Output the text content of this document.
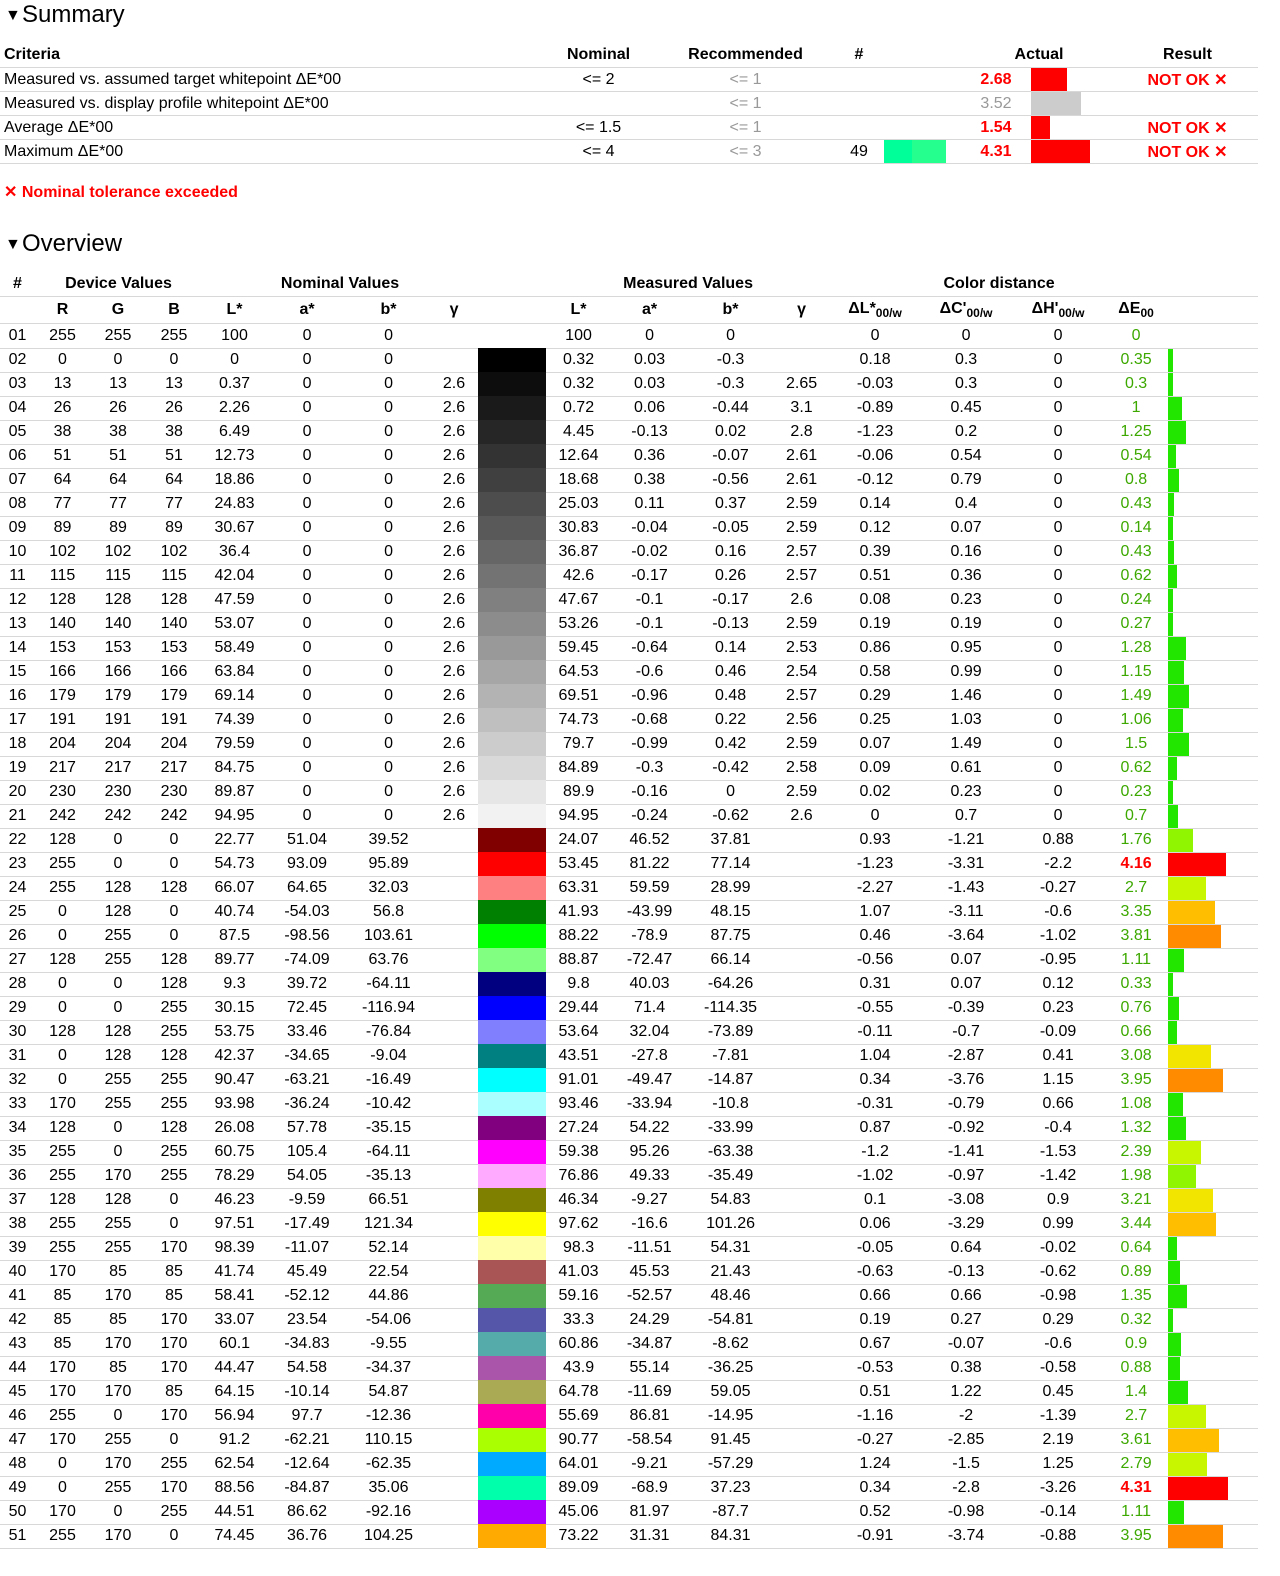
▼Summary
Criteria	Nominal	Recommended	#		Actual		Result
Measured vs. assumed target whitepoint ΔE*00	<= 2	<= 1			2.68		NOT OK ✕
Measured vs. display profile whitepoint ΔE*00		<= 1			3.52	

Average ΔE*00	<= 1.5	<= 1			1.54		NOT OK ✕
Maximum ΔE*00	<= 4	<= 3	49		4.31		NOT OK ✕
✕ Nominal tolerance exceeded
▼Overview
#	Device Values			Nominal Values					Measured Values				Color distance				
	R	G	B	L*	a*	b*	γ		L*	a*	b*	γ	$\Delta L*_{00/w}$	$\Delta C'_{00/w}$	$\Delta H'_{00/w}$	$\Delta E_{00}$	
01	255	255	255	100	0	0			100	0	0		0	0	0	0	
02	0	0	0	0	0	0			0.32	0.03	-0.3		0.18	0.3	0	0.35	

03	13	13	13	0.37	0	0	2.6		0.32	0.03	-0.3	2.65	-0.03	0.3	0	0.3	

04	26	26	26	2.26	0	0	2.6		0.72	0.06	-0.44	3.1	-0.89	0.45	0	1	

05	38	38	38	6.49	0	0	2.6		4.45	-0.13	0.02	2.8	-1.23	0.2	0	1.25	

06	51	51	51	12.73	0	0	2.6		12.64	0.36	-0.07	2.61	-0.06	0.54	0	0.54	

07	64	64	64	18.86	0	0	2.6		18.68	0.38	-0.56	2.61	-0.12	0.79	0	0.8	

08	77	77	77	24.83	0	0	2.6		25.03	0.11	0.37	2.59	0.14	0.4	0	0.43	

09	89	89	89	30.67	0	0	2.6		30.83	-0.04	-0.05	2.59	0.12	0.07	0	0.14	

10	102	102	102	36.4	0	0	2.6		36.87	-0.02	0.16	2.57	0.39	0.16	0	0.43	

11	115	115	115	42.04	0	0	2.6		42.6	-0.17	0.26	2.57	0.51	0.36	0	0.62	

12	128	128	128	47.59	0	0	2.6		47.67	-0.1	-0.17	2.6	0.08	0.23	0	0.24	

13	140	140	140	53.07	0	0	2.6		53.26	-0.1	-0.13	2.59	0.19	0.19	0	0.27	

14	153	153	153	58.49	0	0	2.6		59.45	-0.64	0.14	2.53	0.86	0.95	0	1.28	

15	166	166	166	63.84	0	0	2.6		64.53	-0.6	0.46	2.54	0.58	0.99	0	1.15	

16	179	179	179	69.14	0	0	2.6		69.51	-0.96	0.48	2.57	0.29	1.46	0	1.49	

17	191	191	191	74.39	0	0	2.6		74.73	-0.68	0.22	2.56	0.25	1.03	0	1.06	

18	204	204	204	79.59	0	0	2.6		79.7	-0.99	0.42	2.59	0.07	1.49	0	1.5	

19	217	217	217	84.75	0	0	2.6		84.89	-0.3	-0.42	2.58	0.09	0.61	0	0.62	

20	230	230	230	89.87	0	0	2.6		89.9	-0.16	0	2.59	0.02	0.23	0	0.23	

21	242	242	242	94.95	0	0	2.6		94.95	-0.24	-0.62	2.6	0	0.7	0	0.7	

22	128	0	0	22.77	51.04	39.52			24.07	46.52	37.81		0.93	-1.21	0.88	1.76	

23	255	0	0	54.73	93.09	95.89			53.45	81.22	77.14		-1.23	-3.31	-2.2	4.16	

24	255	128	128	66.07	64.65	32.03			63.31	59.59	28.99		-2.27	-1.43	-0.27	2.7	

25	0	128	0	40.74	-54.03	56.8			41.93	-43.99	48.15		1.07	-3.11	-0.6	3.35	

26	0	255	0	87.5	-98.56	103.61			88.22	-78.9	87.75		0.46	-3.64	-1.02	3.81	

27	128	255	128	89.77	-74.09	63.76			88.87	-72.47	66.14		-0.56	0.07	-0.95	1.11	

28	0	0	128	9.3	39.72	-64.11			9.8	40.03	-64.26		0.31	0.07	0.12	0.33	

29	0	0	255	30.15	72.45	-116.94			29.44	71.4	-114.35		-0.55	-0.39	0.23	0.76	

30	128	128	255	53.75	33.46	-76.84			53.64	32.04	-73.89		-0.11	-0.7	-0.09	0.66	

31	0	128	128	42.37	-34.65	-9.04			43.51	-27.8	-7.81		1.04	-2.87	0.41	3.08	

32	0	255	255	90.47	-63.21	-16.49			91.01	-49.47	-14.87		0.34	-3.76	1.15	3.95	

33	170	255	255	93.98	-36.24	-10.42			93.46	-33.94	-10.8		-0.31	-0.79	0.66	1.08	

34	128	0	128	26.08	57.78	-35.15			27.24	54.22	-33.99		0.87	-0.92	-0.4	1.32	

35	255	0	255	60.75	105.4	-64.11			59.38	95.26	-63.38		-1.2	-1.41	-1.53	2.39	

36	255	170	255	78.29	54.05	-35.13			76.86	49.33	-35.49		-1.02	-0.97	-1.42	1.98	

37	128	128	0	46.23	-9.59	66.51			46.34	-9.27	54.83		0.1	-3.08	0.9	3.21	

38	255	255	0	97.51	-17.49	121.34			97.62	-16.6	101.26		0.06	-3.29	0.99	3.44	

39	255	255	170	98.39	-11.07	52.14			98.3	-11.51	54.31		-0.05	0.64	-0.02	0.64	

40	170	85	85	41.74	45.49	22.54			41.03	45.53	21.43		-0.63	-0.13	-0.62	0.89	

41	85	170	85	58.41	-52.12	44.86			59.16	-52.57	48.46		0.66	0.66	-0.98	1.35	

42	85	85	170	33.07	23.54	-54.06			33.3	24.29	-54.81		0.19	0.27	0.29	0.32	

43	85	170	170	60.1	-34.83	-9.55			60.86	-34.87	-8.62		0.67	-0.07	-0.6	0.9	

44	170	85	170	44.47	54.58	-34.37			43.9	55.14	-36.25		-0.53	0.38	-0.58	0.88	

45	170	170	85	64.15	-10.14	54.87			64.78	-11.69	59.05		0.51	1.22	0.45	1.4	

46	255	0	170	56.94	97.7	-12.36			55.69	86.81	-14.95		-1.16	-2	-1.39	2.7	

47	170	255	0	91.2	-62.21	110.15			90.77	-58.54	91.45		-0.27	-2.85	2.19	3.61	

48	0	170	255	62.54	-12.64	-62.35			64.01	-9.21	-57.29		1.24	-1.5	1.25	2.79	

49	0	255	170	88.56	-84.87	35.06			89.09	-68.9	37.23		0.34	-2.8	-3.26	4.31	

50	170	0	255	44.51	86.62	-92.16			45.06	81.97	-87.7		0.52	-0.98	-0.14	1.11	

51	255	170	0	74.45	36.76	104.25			73.22	31.31	84.31		-0.91	-3.74	-0.88	3.95	
